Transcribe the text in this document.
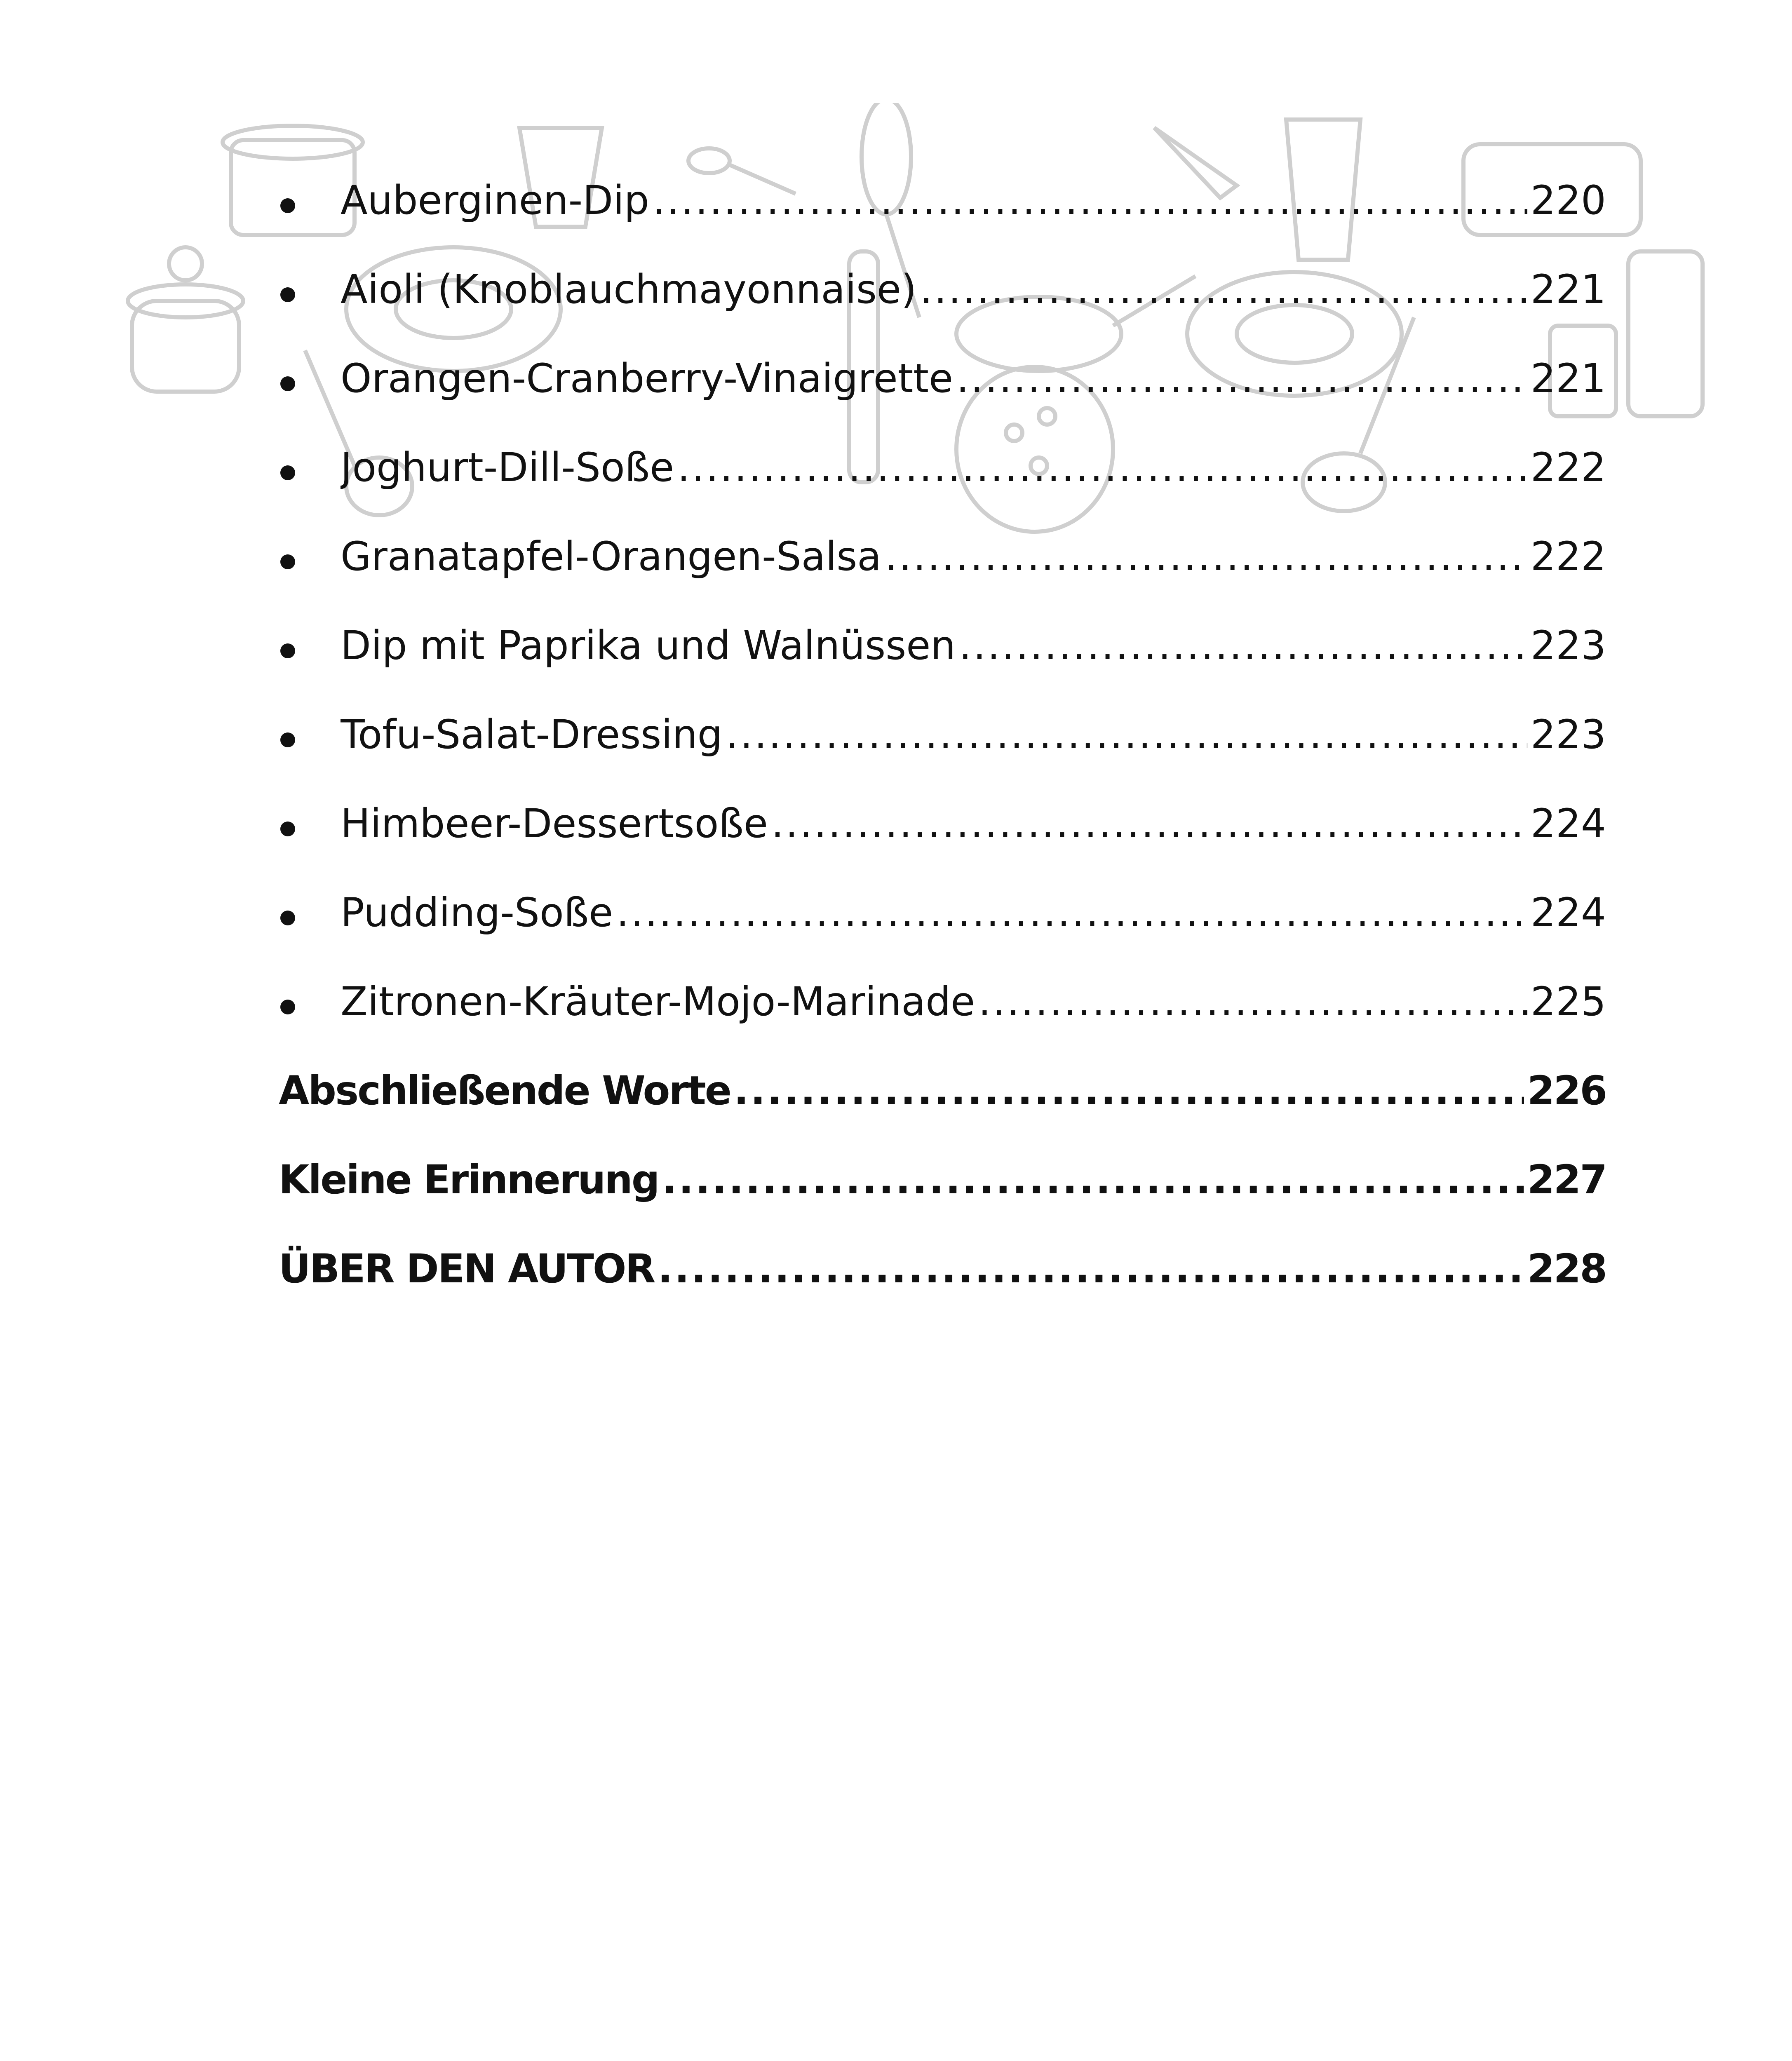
Auberginen-Dip .....	220
Aioli (Knoblauchmayonnaise) .....	221
Orangen-Cranberry-Vinaigrette .....	221
Joghurt-Dill-Soße .....	222
Granatapfel-Orangen-Salsa .....	222
Dip mit Paprika und Walnüssen .....	223
Tofu-Salat-Dressing .....	223
Himbeer-Dessertsoße .....	224
Pudding-Soße .....	224
Zitronen-Kräuter-Mojo-Marinade .....	225
Abschließende Worte .....	226
Kleine Erinnerung .....	227
ÜBER DEN AUTOR .....	228
